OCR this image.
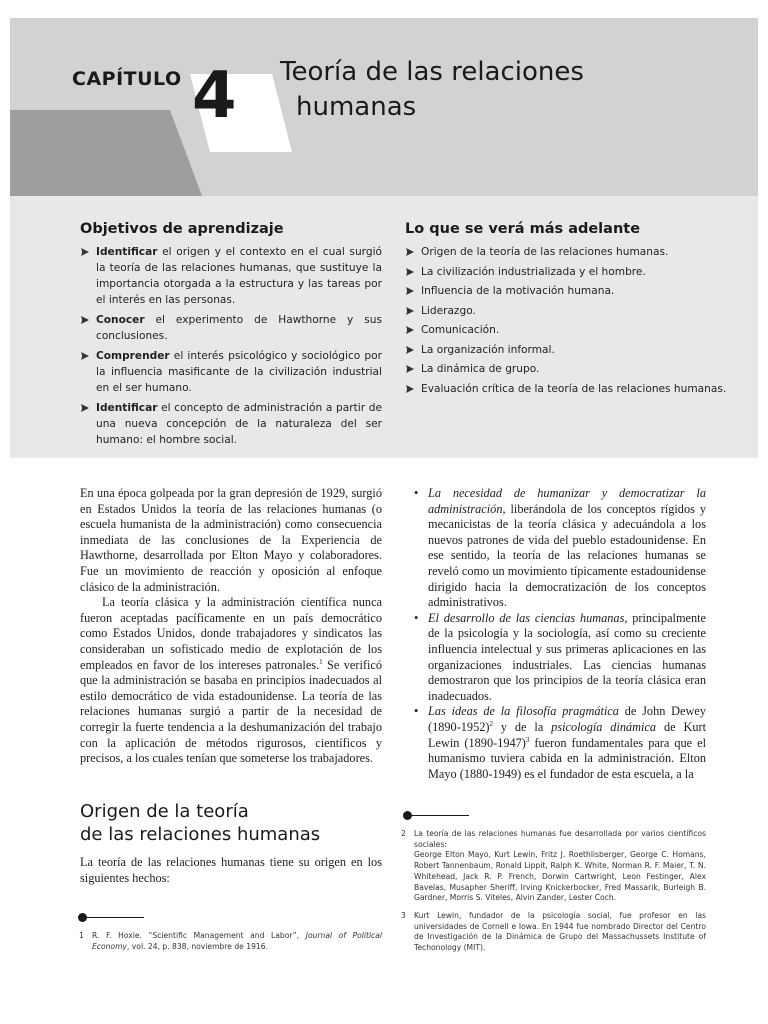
CAPÍTULO 4 Teoría de las relaciones
humanas
Objetivos de aprendizaje	Lo que se verá más adelante
Identificar el origen y el contexto en el cual surgió la teoría de las relaciones humanas, que sustituye la importancia otorgada a la estructura y las tareas por el interés en las personas.
Conocer el experimento de Hawthorne y sus conclusiones.
Comprender el interés psicológico y sociológico por la influencia masificante de la civilización industrial en el ser humano.
Identificar el concepto de administración a partir de una nueva concepción de la naturaleza del ser humano: el hombre social.
Origen de la teoría de las relaciones humanas.
La civilización industrializada y el hombre.
Influencia de la motivación humana.
Liderazgo.
Comunicación.
La organización informal.
La dinámica de grupo.
Evaluación crítica de la teoría de las relaciones humanas.

En una época golpeada por la gran depresión de 1929, surgió en Estados Unidos la teoría de las relaciones humanas (o escuela humanista de la administración) como consecuencia inmediata de las conclusiones de la Experiencia de Hawthorne, desarrollada por Elton Mayo y colaboradores. Fue un movimiento de reacción y oposición al enfoque clásico de la administración.

La teoría clásica y la administración científica nunca fueron aceptadas pacíficamente en un país democrático como Estados Unidos, donde trabajadores y sindicatos las consideraban un sofisticado medio de explotación de los empleados en favor de los intereses patronales.$^1$ Se verificó que la administración se basaba en principios inadecuados al estilo democrático de vida estadounidense. La teoría de las relaciones humanas surgió a partir de la necesidad de corregir la fuerte tendencia a la deshumanización del trabajo con la aplicación de métodos rigurosos, científicos y precisos, a los cuales tenían que someterse los trabajadores.

• La necesidad de humanizar y democratizar la administración, liberándola de los conceptos rígidos y mecanicistas de la teoría clásica y adecuándola a los nuevos patrones de vida del pueblo estadounidense. En ese sentido, la teoría de las relaciones humanas se reveló como un movimiento típicamente estadounidense dirigido hacia la democratización de los conceptos administrativos.
• El desarrollo de las ciencias humanas, principalmente de la psicología y la sociología, así como su creciente influencia intelectual y sus primeras aplicaciones en las organizaciones industriales. Las ciencias humanas demostraron que los principios de la teoría clásica eran inadecuados.
• Las ideas de la filosofía pragmática de John Dewey (1890-1952)$^2$ y de la psicología dinámica de Kurt Lewin (1890-1947)$^3$ fueron fundamentales para que el humanismo tuviera cabida en la administración. Elton Mayo (1880-1949) es el fundador de esta escuela, a la
Origen de la teoría
de las relaciones humanas
La teoría de las relaciones humanas tiene su origen en los siguientes hechos:
1 R. F. Hoxie. “Scientific Management and Labor”, Journal of Political Economy, vol. 24, p. 838, noviembre de 1916.

2 La teoría de las relaciones humanas fue desarrollada por varios científicos sociales:

George Elton Mayo, Kurt Lewin, Fritz J. Roethlisberger, George C. Homans, Robert Tannenbaum, Ronald Lippit, Ralph K. White, Norman R. F. Maier, T. N. Whitehead, Jack R. P. French, Dorwin Cartwright, Leon Festinger, Alex Bavelas, Musapher Sheriff, Irving Knickerbocker, Fred Massarik, Burleigh B. Gardner, Morris S. Viteles, Alvin Zander, Lester Coch.

3 Kurt Lewin, fundador de la psicología social, fue profesor en las universidades de Cornell e Iowa. En 1944 fue nombrado Director del Centro de Investigación de la Dinámica de Grupo del Massachussets Institute of Techonology (MIT).
